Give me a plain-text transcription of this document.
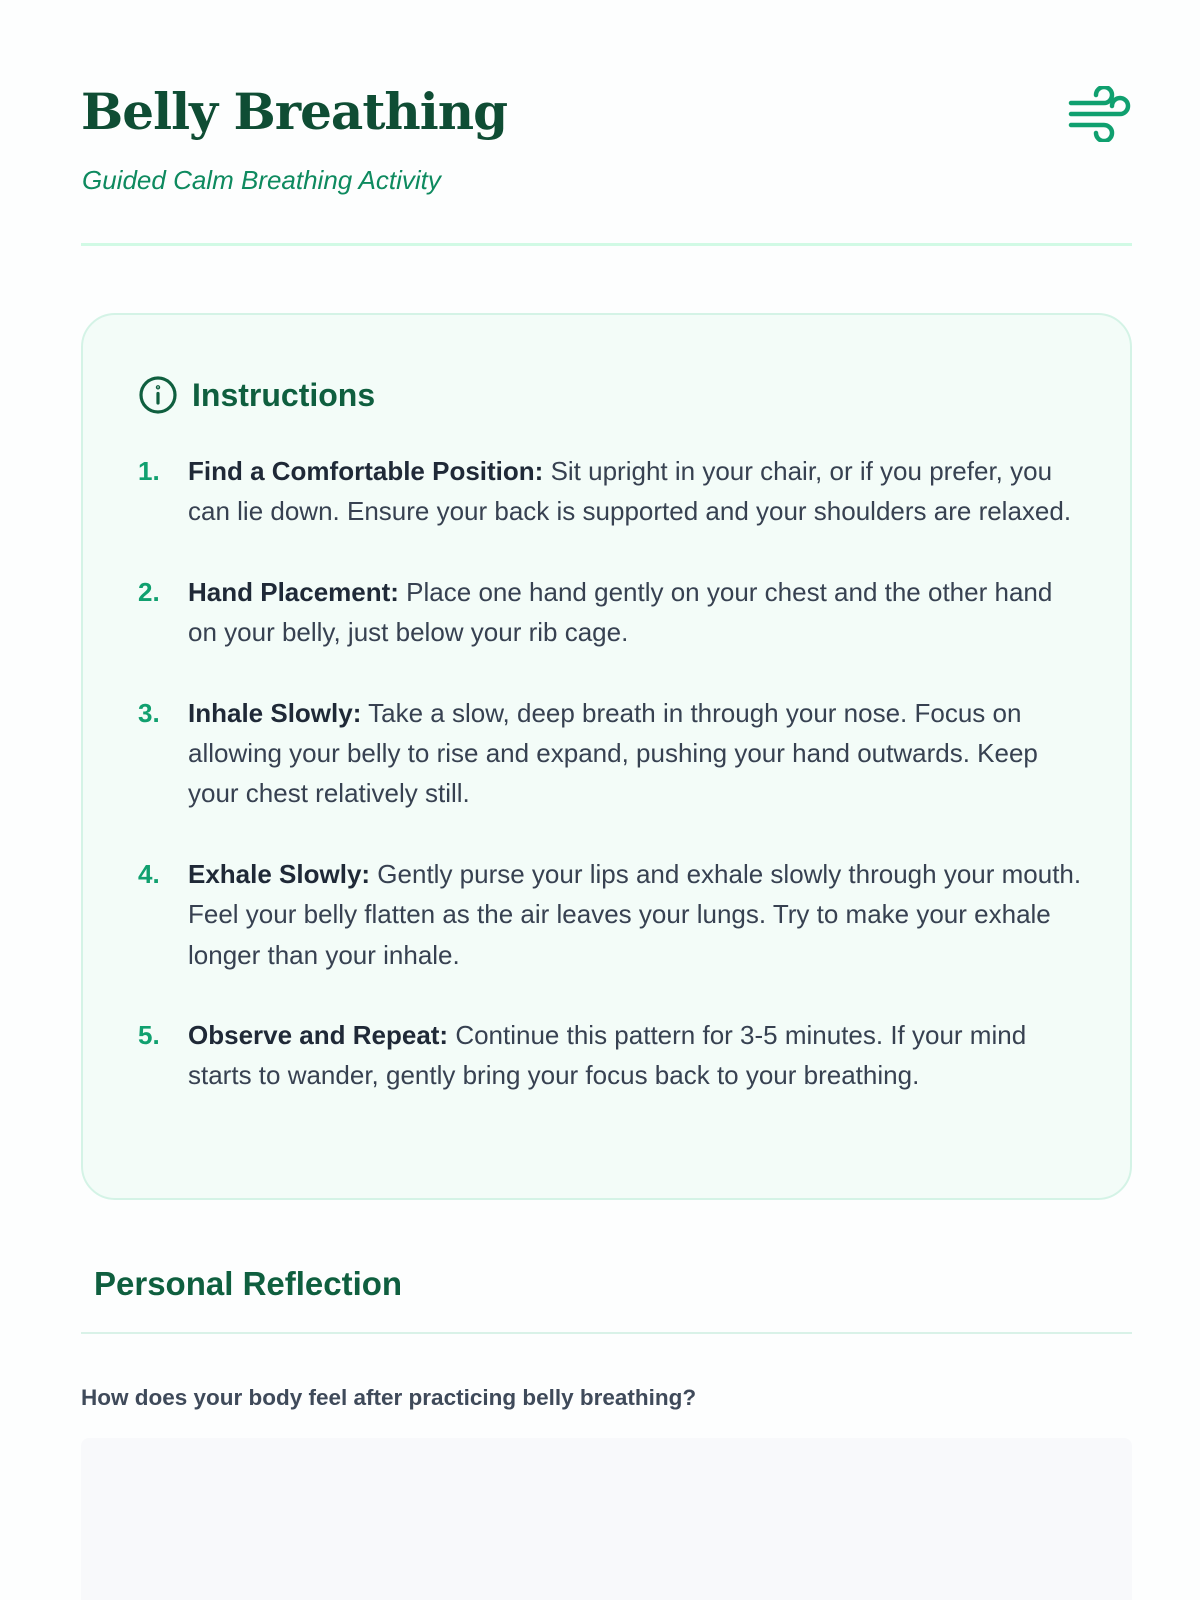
Belly Breathing

Guided Calm Breathing Activity

Instructions
1.	Find a Comfortable Position: Sit upright in your chair, or if you prefer, you can lie down. Ensure your back is supported and your shoulders are relaxed.
2.	Hand Placement: Place one hand gently on your chest and the other hand on your belly, just below your rib cage.
3.	Inhale Slowly: Take a slow, deep breath in through your nose. Focus on allowing your belly to rise and expand, pushing your hand outwards. Keep your chest relatively still.
4.	Exhale Slowly: Gently purse your lips and exhale slowly through your mouth. Feel your belly flatten as the air leaves your lungs. Try to make your exhale longer than your inhale.
5.	Observe and Repeat: Continue this pattern for 3-5 minutes. If your mind starts to wander, gently bring your focus back to your breathing.
Personal Reflection
How does your body feel after practicing belly breathing?
